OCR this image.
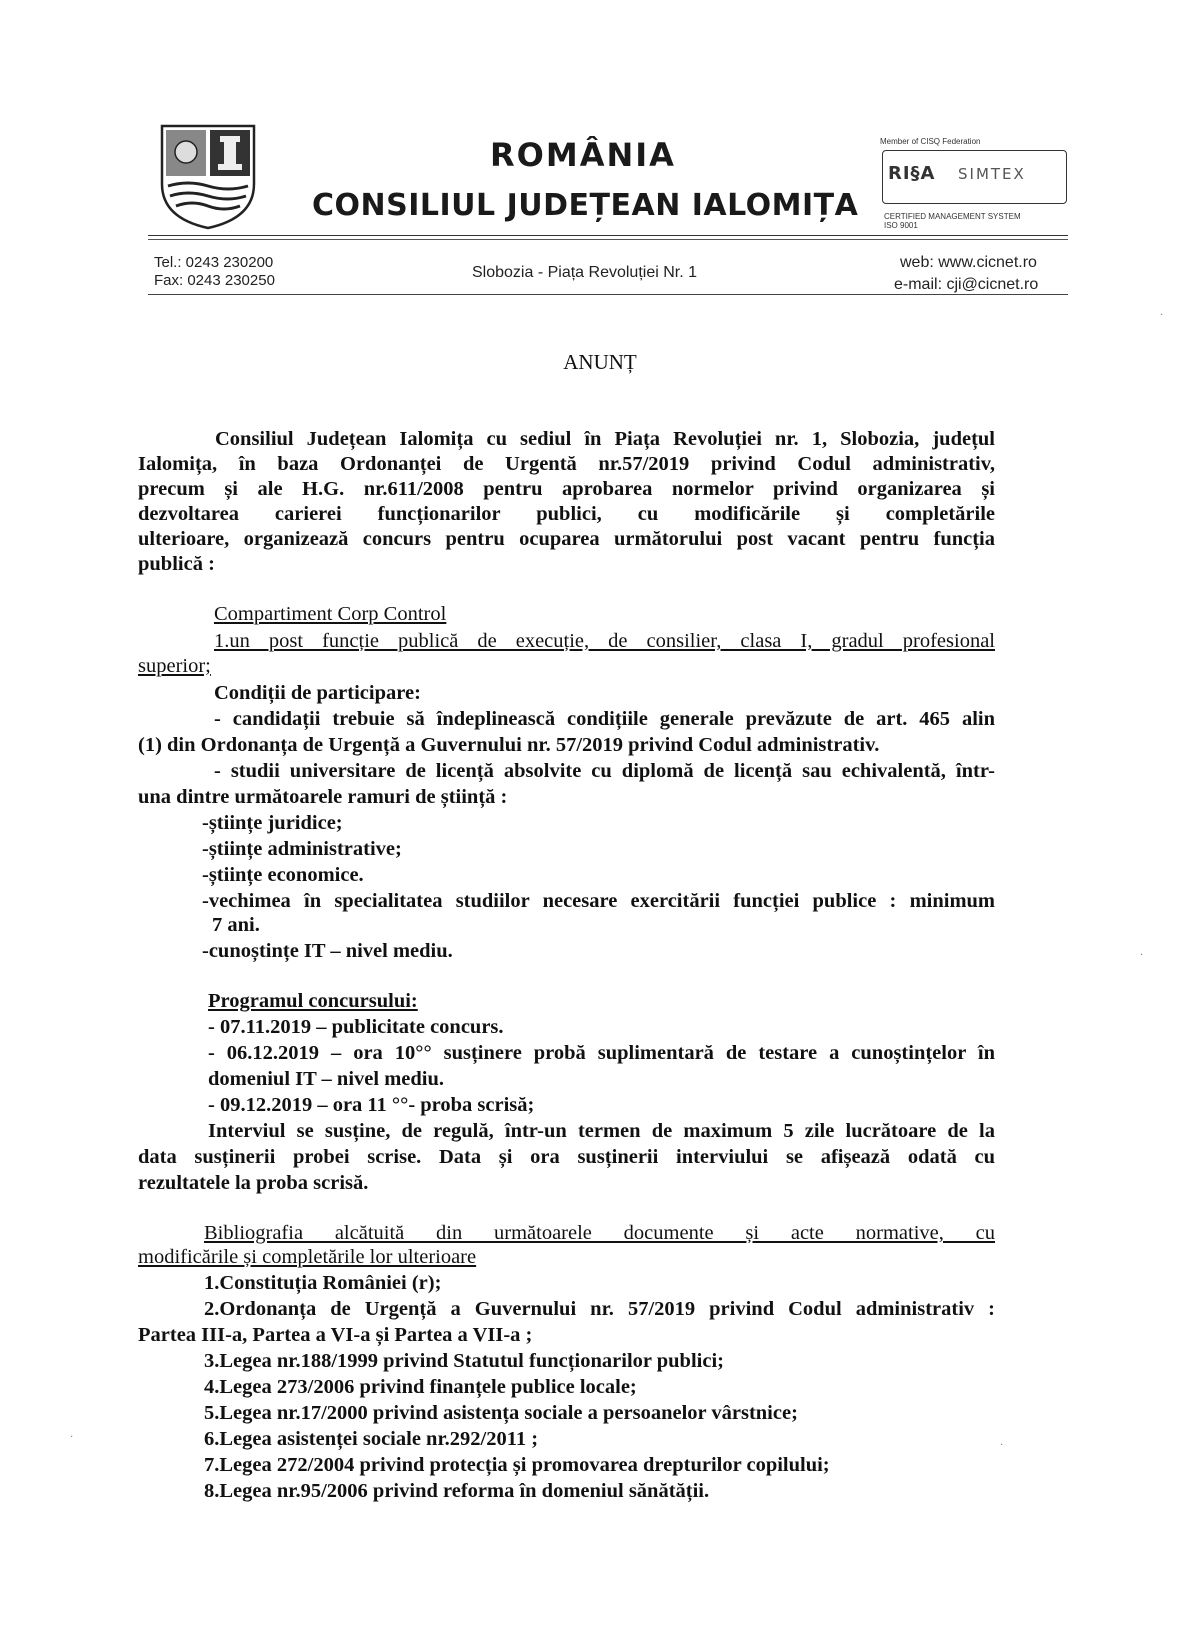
ROMÂNIA
CONSILIUL JUDEȚEAN IALOMIȚA
Member of CISQ Federation
RI§A SIMTEX
CERTIFIED MANAGEMENT SYSTEM
ISO 9001
Tel.: 0243 230200
Fax: 0243 230250	Slobozia - Piața Revoluției Nr. 1
web: www.cicnet.ro
e-mail: cji@cicnet.ro
ANUNȚ
Consiliul Județean Ialomița cu sediul în Piața Revoluției nr. 1, Slobozia, județul
Ialomița, în baza Ordonanței de Urgentă nr.57/2019 privind Codul administrativ,
precum și ale H.G. nr.611/2008 pentru aprobarea normelor privind organizarea și
dezvoltarea carierei funcționarilor publici, cu modificările și completările
ulterioare, organizează concurs pentru ocuparea următorului post vacant pentru funcția
publică :
Compartiment Corp Control
1.un post funcție publică de execuție, de consilier, clasa I, gradul profesional
superior;
Condiții de participare:
- candidații trebuie să îndeplinească condițiile generale prevăzute de art. 465 alin
(1) din Ordonanța de Urgență a Guvernului nr. 57/2019 privind Codul administrativ.
- studii universitare de licență absolvite cu diplomă de licență sau echivalentă, într-
una dintre următoarele ramuri de știință :
-științe juridice;
-științe administrative;
-științe economice.
-vechimea în specialitatea studiilor necesare exercitării funcției publice : minimum
7 ani.
-cunoștințe IT – nivel mediu.
Programul concursului:
- 07.11.2019 – publicitate concurs.
- 06.12.2019 – ora 10°° susținere probă suplimentară de testare a cunoștințelor în
domeniul IT – nivel mediu.
- 09.12.2019 – ora 11 °°- proba scrisă;
Interviul se susține, de regulă, într-un termen de maximum 5 zile lucrătoare de la
data susținerii probei scrise. Data și ora susținerii interviului se afișează odată cu
rezultatele la proba scrisă.
Bibliografia alcătuită din următoarele documente și acte normative, cu
modificările și completările lor ulterioare
1.Constituția României (r);
2.Ordonanța de Urgență a Guvernului nr. 57/2019 privind Codul administrativ :
Partea III-a, Partea a VI-a și Partea a VII-a ;
3.Legea nr.188/1999 privind Statutul funcționarilor publici;
4.Legea 273/2006 privind finanțele publice locale;
5.Legea nr.17/2000 privind asistența sociale a persoanelor vârstnice;
6.Legea asistenței sociale nr.292/2011 ;
7.Legea 272/2004 privind protecția și promovarea drepturilor copilului;
8.Legea nr.95/2006 privind reforma în domeniul sănătății.
·
·
·
·
